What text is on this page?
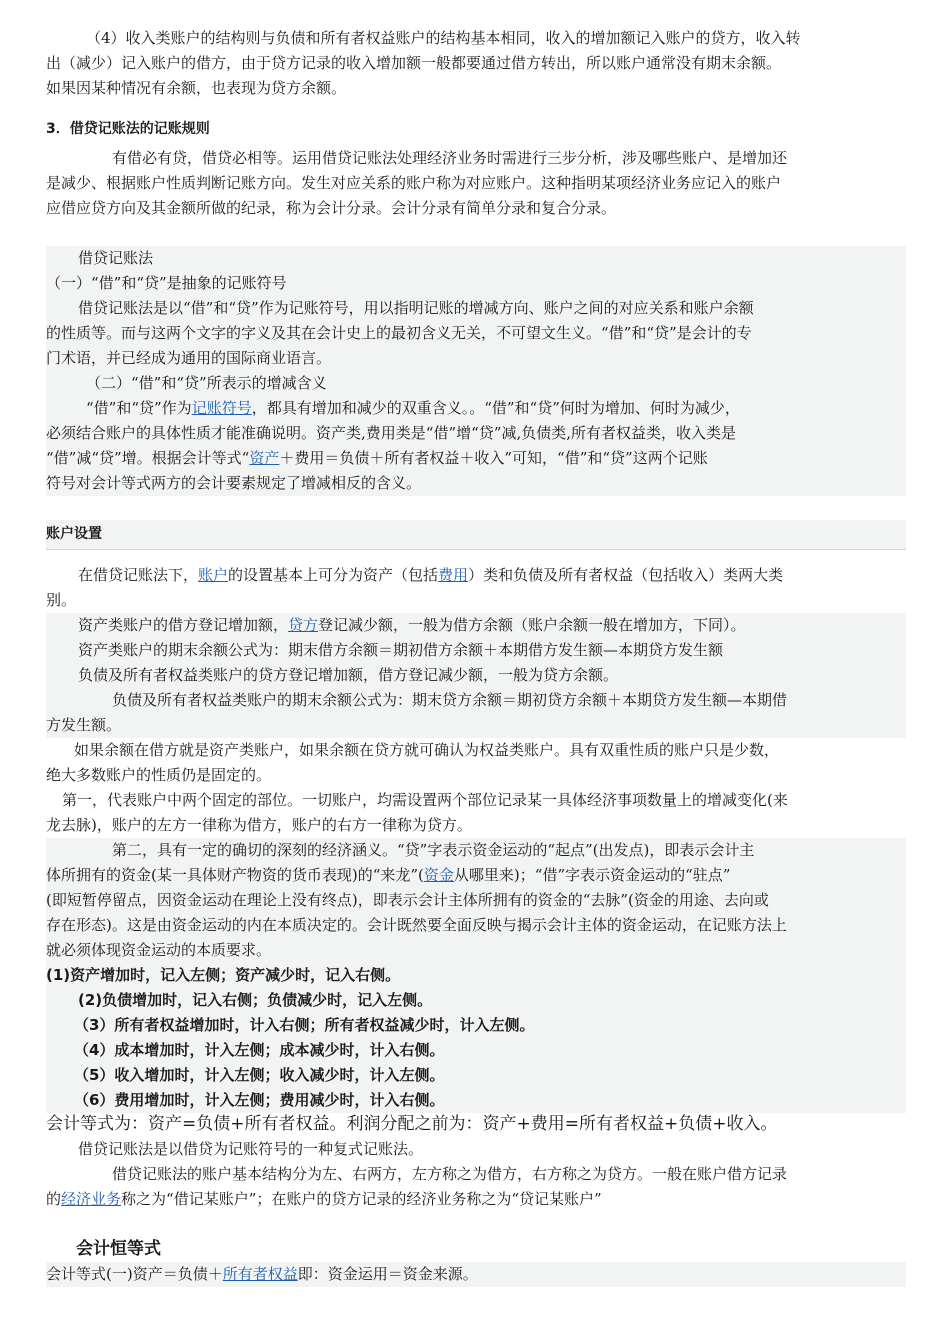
（4）收入类账户的结构则与负债和所有者权益账户的结构基本相同，收入的增加额记入账户的贷方，收入转
出（减少）记入账户的借方，由于贷方记录的收入增加额一般都要通过借方转出，所以账户通常没有期末余额。
如果因某种情况有余额，也表现为贷方余额。
3．借贷记账法的记账规则
有借必有贷，借贷必相等。运用借贷记账法处理经济业务时需进行三步分析，涉及哪些账户、是增加还
是减少、根据账户性质判断记账方向。发生对应关系的账户称为对应账户。这种指明某项经济业务应记入的账户
应借应贷方向及其金额所做的纪录，称为会计分录。会计分录有简单分录和复合分录。
借贷记账法
（一）“借”和“贷”是抽象的记账符号
借贷记账法是以“借”和“贷”作为记账符号，用以指明记账的增减方向、账户之间的对应关系和账户余额
的性质等。而与这两个文字的字义及其在会计史上的最初含义无关，不可望文生义。“借”和“贷”是会计的专
门术语，并已经成为通用的国际商业语言。
（二）“借”和“贷”所表示的增减含义
“借”和“贷”作为记账符号，都具有增加和减少的双重含义。。“借”和“贷”何时为增加、何时为减少，
必须结合账户的具体性质才能准确说明。资产类,费用类是“借”增“贷”减,负债类,所有者权益类，收入类是
“借”减“贷”增。根据会计等式“资产＋费用＝负债＋所有者权益＋收入”可知，“借”和“贷”这两个记账
符号对会计等式两方的会计要素规定了增减相反的含义。
账户设置
在借贷记账法下，账户的设置基本上可分为资产（包括费用）类和负债及所有者权益（包括收入）类两大类
别。
资产类账户的借方登记增加额，贷方登记减少额，一般为借方余额（账户余额一般在增加方，下同）。
资产类账户的期末余额公式为：期末借方余额＝期初借方余额＋本期借方发生额—本期贷方发生额
负债及所有者权益类账户的贷方登记增加额，借方登记减少额，一般为贷方余额。
负债及所有者权益类账户的期末余额公式为：期末贷方余额＝期初贷方余额＋本期贷方发生额—本期借
方发生额。
如果余额在借方就是资产类账户，如果余额在贷方就可确认为权益类账户。具有双重性质的账户只是少数，
绝大多数账户的性质仍是固定的。
第一，代表账户中两个固定的部位。一切账户，均需设置两个部位记录某一具体经济事项数量上的增减变化(来
龙去脉)，账户的左方一律称为借方，账户的右方一律称为贷方。
第二，具有一定的确切的深刻的经济涵义。“贷”字表示资金运动的“起点”(出发点)，即表示会计主
体所拥有的资金(某一具体财产物资的货币表现)的“来龙”(资金从哪里来)；“借”字表示资金运动的“驻点”
(即短暂停留点，因资金运动在理论上没有终点)，即表示会计主体所拥有的资金的“去脉”(资金的用途、去向或
存在形态)。这是由资金运动的内在本质决定的。会计既然要全面反映与揭示会计主体的资金运动，在记账方法上
就必须体现资金运动的本质要求。
(1)资产增加时，记入左侧；资产减少时，记入右侧。
(2)负债增加时，记入右侧；负债减少时，记入左侧。
（3）所有者权益增加时，计入右侧；所有者权益减少时，计入左侧。
（4）成本增加时，计入左侧；成本减少时，计入右侧。
（5）收入增加时，计入左侧；收入减少时，计入左侧。
（6）费用增加时，计入左侧；费用减少时，计入右侧。
会计等式为：资产=负债+所有者权益。利润分配之前为：资产+费用=所有者权益+负债+收入。
借贷记账法是以借贷为记账符号的一种复式记账法。
借贷记账法的账户基本结构分为左、右两方，左方称之为借方，右方称之为贷方。一般在账户借方记录
的经济业务称之为“借记某账户”；在账户的贷方记录的经济业务称之为“贷记某账户”
会计恒等式
会计等式(一)资产＝负债＋所有者权益即：资金运用＝资金来源。
